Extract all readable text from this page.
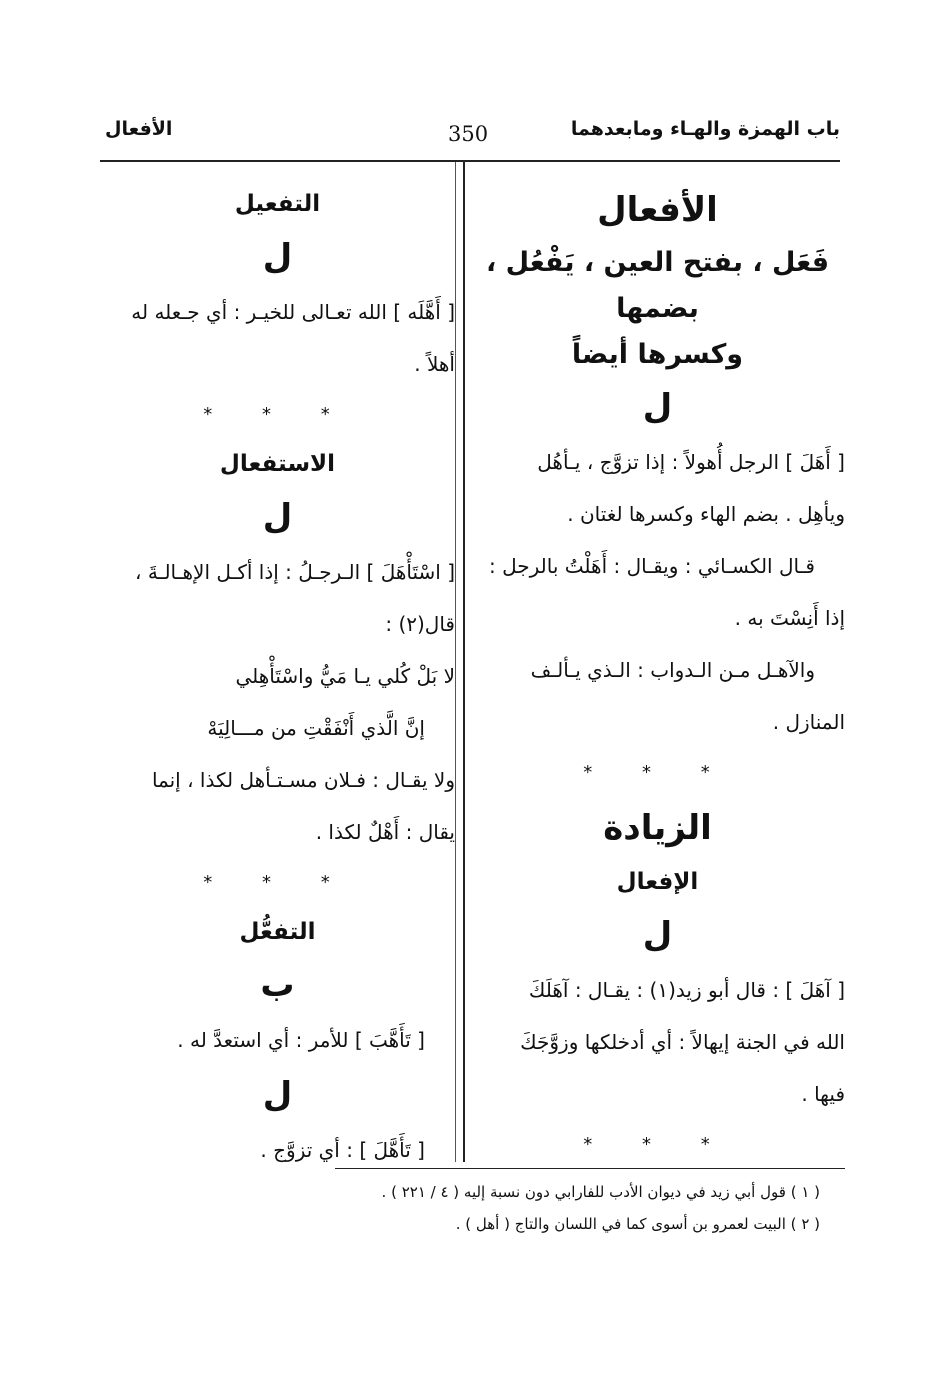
باب الهمزة والهـاء ومابعدهما
350
الأفعال
الأفعال
فَعَل ، بفتح العين ، يَفْعُل ، بضمها
وكسرها أيضاً
ل
[ أَهَلَ ] الرجل أُهولاً : إذا تزوَّج ، يـأهُل
ويأهِل . بضم الهاء وكسرها لغتان .
قـال الكسـائي : ويقـال : أَهَلْتُ بالرجل :
إذا أَنِسْتَ به .
والآهـل مـن الـدواب : الـذي يـألـف
المنازل .
* * *
الزيادة
الإفعال
ل
[ آهَلَ ] : قال أبو زيد(١) : يقـال : آهَلَكَ
الله في الجنة إيهالاً : أي أدخلكها وزوَّجَكَ
فيها .
* * *
التفعيل
ل
[ أَهَّلَه ] الله تعـالى للخيـر : أي جـعله له
أهلاً .
* * *
الاستفعال
ل
[ اسْتَأْهَلَ ] الـرجـلُ : إذا أكـل الإهـالـةَ ،
قال(٢) :
لا بَلْ كُلي يـا مَيُّ واسْتَأْهِلي
إنَّ الَّذي أَنْفَقْتِ من مـــالِيَهْ
ولا يقـال : فـلان مسـتـأهل لكذا ، إنما
يقال : أَهْلٌ لكذا .
* * *
التفعُّل
ب
[ تَأَهَّبَ ] للأمر : أي استعدَّ له .
ل
[ تَأَهَّلَ ] : أي تزوَّج .
( ١ ) قول أبي زيد في ديوان الأدب للفارابي دون نسبة إليه ( ٤ / ٢٢١ ) .
( ٢ ) البيت لعمرو بن أسوى كما في اللسان والتاج ( أهل ) .
